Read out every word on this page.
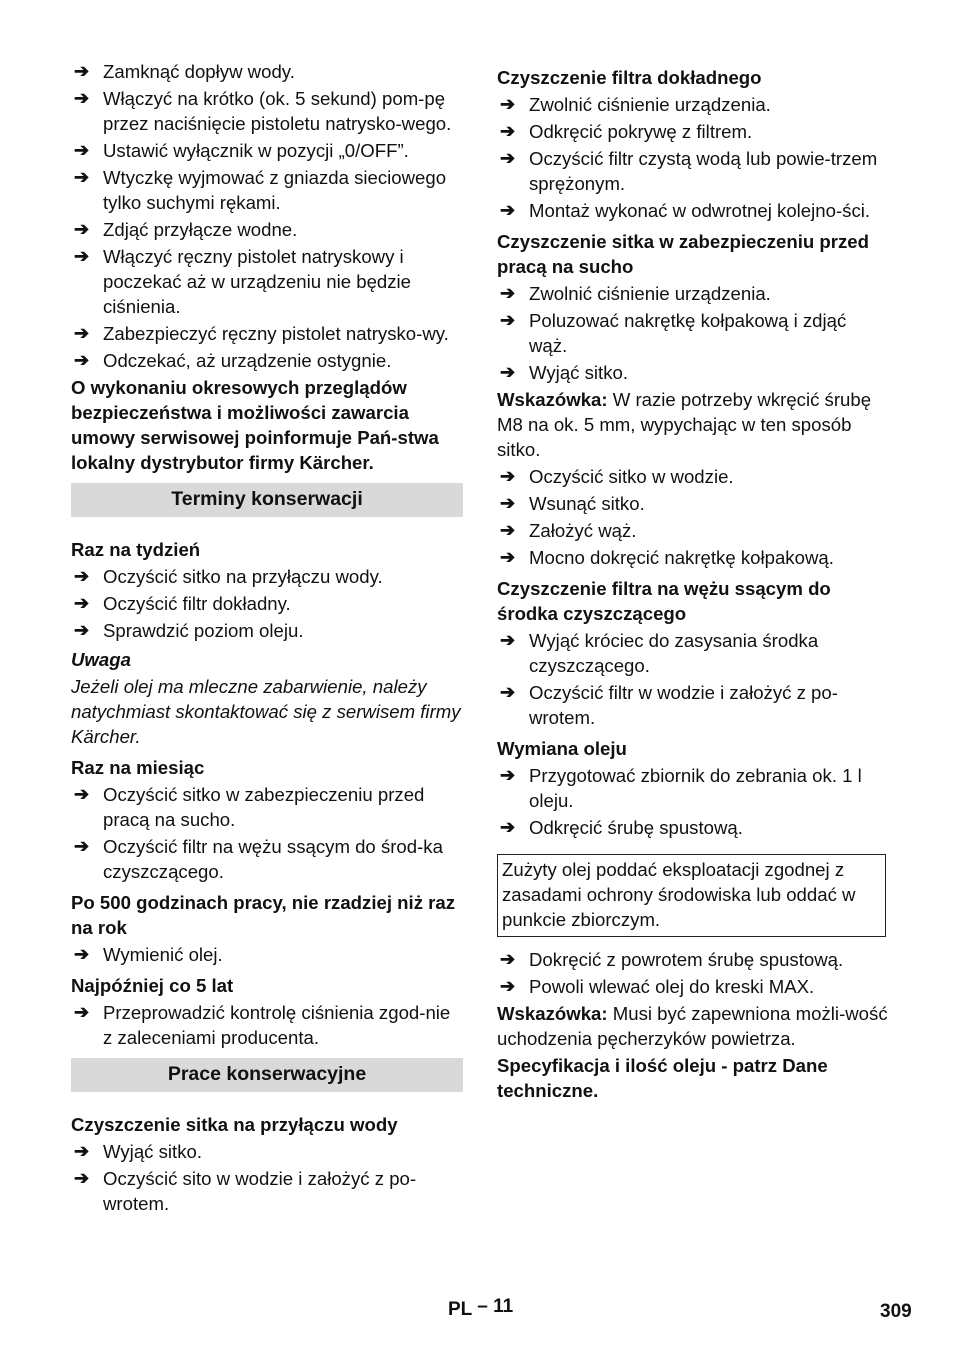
➔ Zamknąć dopływ wody.
➔ Włączyć na krótko (ok. 5 sekund) pom-pę przez naciśnięcie pistoletu natrysko-wego.
➔ Ustawić wyłącznik w pozycji „0/OFF”.
➔ Wtyczkę wyjmować z gniazda sieciowego tylko suchymi rękami.
➔ Zdjąć przyłącze wodne.
➔ Włączyć ręczny pistolet natryskowy i poczekać aż w urządzeniu nie będzie ciśnienia.
➔ Zabezpieczyć ręczny pistolet natrysko-wy.
➔ Odczekać, aż urządzenie ostygnie.
O wykonaniu okresowych przeglądów bezpieczeństwa i możliwości zawarcia umowy serwisowej poinformuje Pań-stwa lokalny dystrybutor firmy Kärcher.
Terminy konserwacji
Raz na tydzień
➔ Oczyścić sitko na przyłączu wody.
➔ Oczyścić filtr dokładny.
➔ Sprawdzić poziom oleju.
Uwaga
Jeżeli olej ma mleczne zabarwienie, należy natychmiast skontaktować się z serwisem firmy Kärcher.
Raz na miesiąc
➔ Oczyścić sitko w zabezpieczeniu przed pracą na sucho.
➔ Oczyścić filtr na wężu ssącym do środ-ka czyszczącego.
Po 500 godzinach pracy, nie rzadziej niż raz na rok
➔ Wymienić olej.
Najpóźniej co 5 lat
➔ Przeprowadzić kontrolę ciśnienia zgod-nie z zaleceniami producenta.
Prace konserwacyjne
Czyszczenie sitka na przyłączu wody
➔ Wyjąć sitko.
➔ Oczyścić sito w wodzie i założyć z po-wrotem.
Czyszczenie filtra dokładnego
➔ Zwolnić ciśnienie urządzenia.
➔ Odkręcić pokrywę z filtrem.
➔ Oczyścić filtr czystą wodą lub powie-trzem sprężonym.
➔ Montaż wykonać w odwrotnej kolejno-ści.
Czyszczenie sitka w zabezpieczeniu przed pracą na sucho
➔ Zwolnić ciśnienie urządzenia.
➔ Poluzować nakrętkę kołpakową i zdjąć wąż.
➔ Wyjąć sitko.
Wskazówka: W razie potrzeby wkręcić śrubę M8 na ok. 5 mm, wypychając w ten sposób sitko.
➔ Oczyścić sitko w wodzie.
➔ Wsunąć sitko.
➔ Założyć wąż.
➔ Mocno dokręcić nakrętkę kołpakową.
Czyszczenie filtra na wężu ssącym do środka czyszczącego
➔ Wyjąć króciec do zasysania środka czyszczącego.
➔ Oczyścić filtr w wodzie i założyć z po-wrotem.
Wymiana oleju
➔ Przygotować zbiornik do zebrania ok. 1 l oleju.
➔ Odkręcić śrubę spustową.
Zużyty olej poddać eksploatacji zgodnej z zasadami ochrony środowiska lub oddać w punkcie zbiorczym.
➔ Dokręcić z powrotem śrubę spustową.
➔ Powoli wlewać olej do kreski MAX.
Wskazówka: Musi być zapewniona możli-wość uchodzenia pęcherzyków powietrza.
Specyfikacja i ilość oleju - patrz Dane techniczne.
PL – 11	309
